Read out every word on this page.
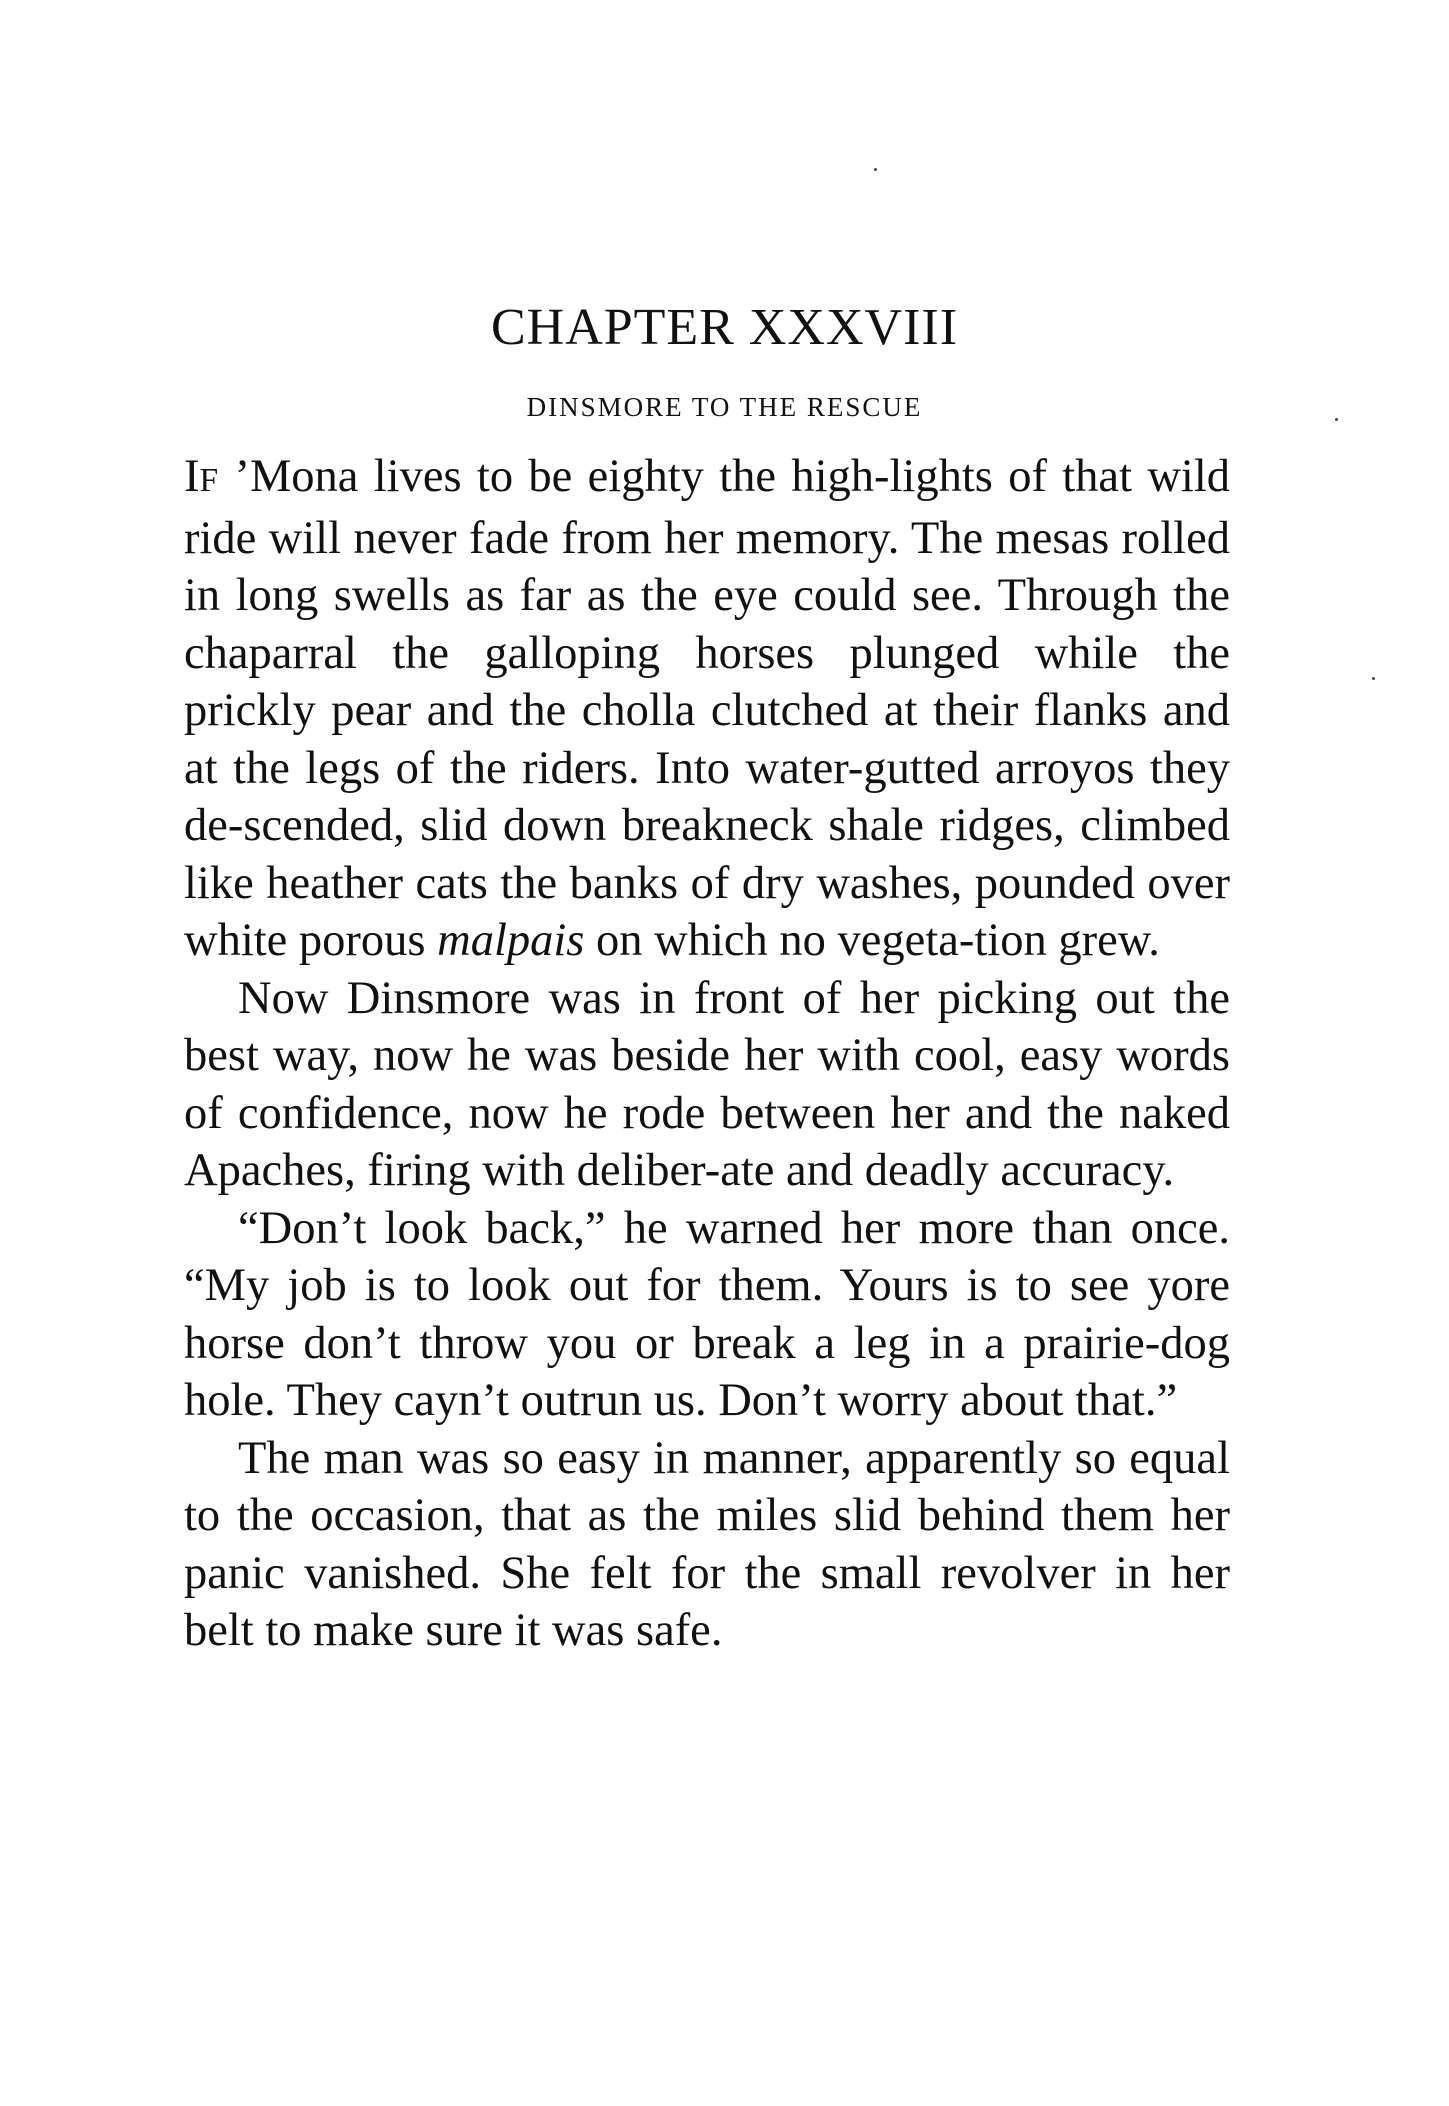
CHAPTER XXXVIII
DINSMORE TO THE RESCUE

IF ’Mona lives to be eighty the high-lights of that wild ride will never fade from her memory. The mesas rolled in long swells as far as the eye could see. Through the chaparral the galloping horses plunged while the prickly pear and the cholla clutched at their flanks and at the legs of the riders. Into water-gutted arroyos they de-scended, slid down breakneck shale ridges, climbed like heather cats the banks of dry washes, pounded over white porous malpais on which no vegeta-tion grew.

Now Dinsmore was in front of her picking out the best way, now he was beside her with cool, easy words of confidence, now he rode between her and the naked Apaches, firing with deliber-ate and deadly accuracy.

“Don’t look back,” he warned her more than once. “My job is to look out for them. Yours is to see yore horse don’t throw you or break a leg in a prairie-dog hole. They cayn’t outrun us. Don’t worry about that.”

The man was so easy in manner, apparently so equal to the occasion, that as the miles slid behind them her panic vanished. She felt for the small revolver in her belt to make sure it was safe.
